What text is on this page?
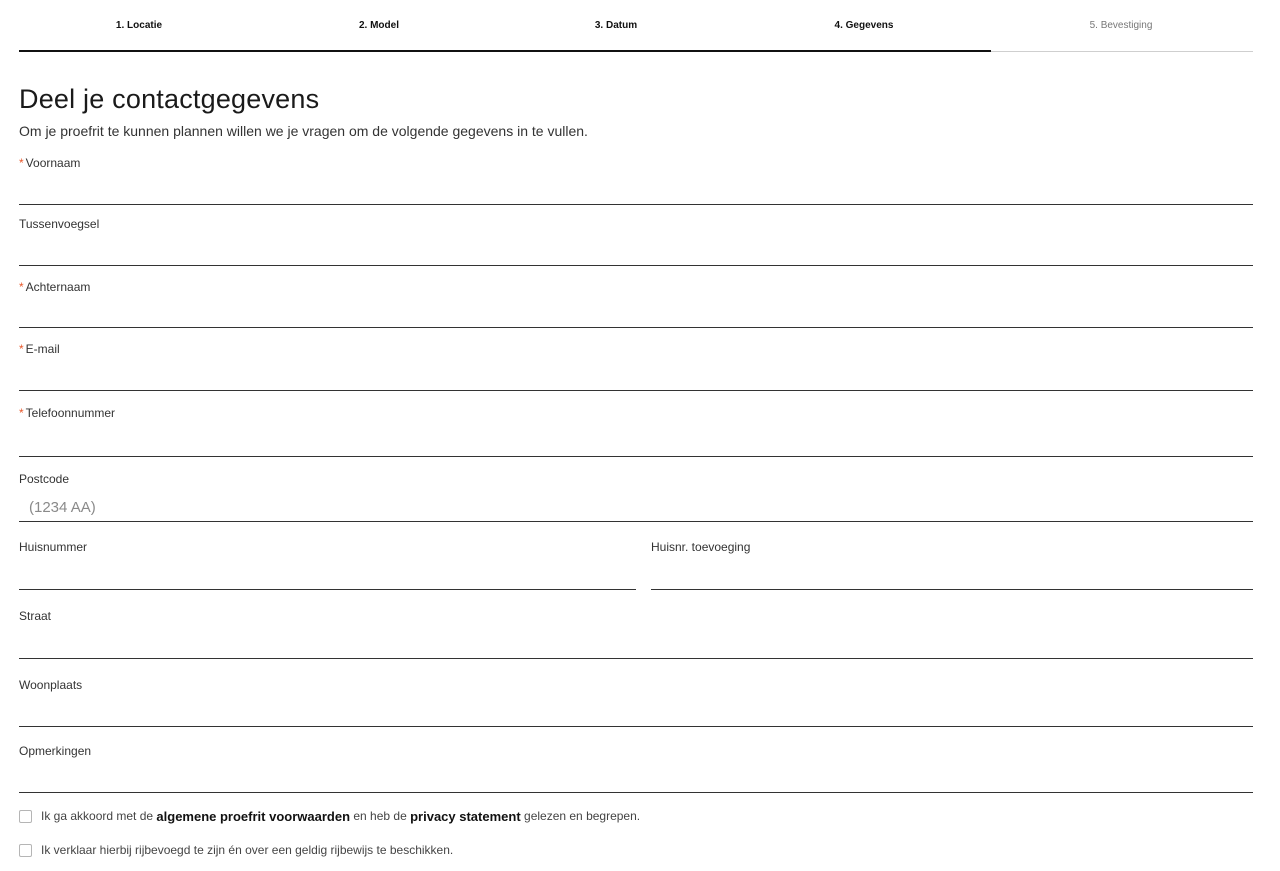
1. Locatie	2. Model	3. Datum	4. Gegevens	5. Bevestiging
Deel je contactgegevens

Om je proefrit te kunnen plannen willen we je vragen om de volgende gegevens in te vullen.

* Voornaam
Tussenvoegsel
* Achternaam
* E-mail
* Telefoonnummer
Postcode
(1234 AA)
Huisnummer	Huisnr. toevoeging
Straat
Woonplaats
Opmerkingen
Ik ga akkoord met de
algemene proefrit voorwaarden
en heb de
privacy statement
gelezen en begrepen.
Ik verklaar hierbij rijbevoegd te zijn én over een geldig rijbewijs te beschikken.
